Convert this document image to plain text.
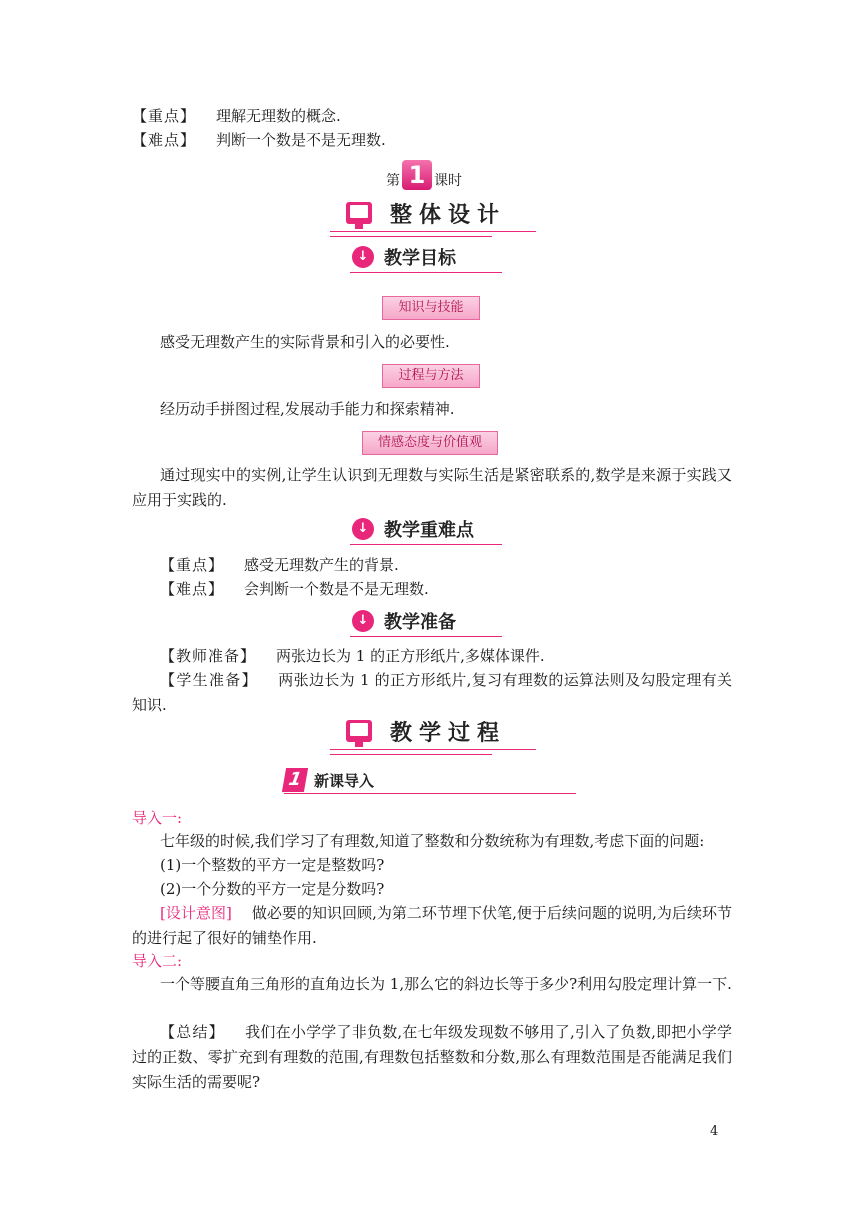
【重点】 理解无理数的概念.

【难点】 判断一个数是不是无理数.

第 1 课时
整体设计
↓ 教学目标
知识与技能

感受无理数产生的实际背景和引入的必要性.

过程与方法

经历动手拼图过程,发展动手能力和探索精神.

情感态度与价值观

通过现实中的实例,让学生认识到无理数与实际生活是紧密联系的,数学是来源于实践又应用于实践的.

↓ 教学重难点

【重点】 感受无理数产生的背景.

【难点】 会判断一个数是不是无理数.

↓ 教学准备

【教师准备】 两张边长为 1 的正方形纸片,多媒体课件.

【学生准备】 两张边长为 1 的正方形纸片,复习有理数的运算法则及勾股定理有关知识.

教学过程
1 新课导入

导入一:

七年级的时候,我们学习了有理数,知道了整数和分数统称为有理数,考虑下面的问题:

(1)一个整数的平方一定是整数吗?

(2)一个分数的平方一定是分数吗?

[设计意图] 做必要的知识回顾,为第二环节埋下伏笔,便于后续问题的说明,为后续环节的进行起了很好的铺垫作用.

导入二:

一个等腰直角三角形的直角边长为 1,那么它的斜边长等于多少?利用勾股定理计算一下.

【总结】 我们在小学学了非负数,在七年级发现数不够用了,引入了负数,即把小学学过的正数、零扩充到有理数的范围,有理数包括整数和分数,那么有理数范围是否能满足我们实际生活的需要呢?

4
